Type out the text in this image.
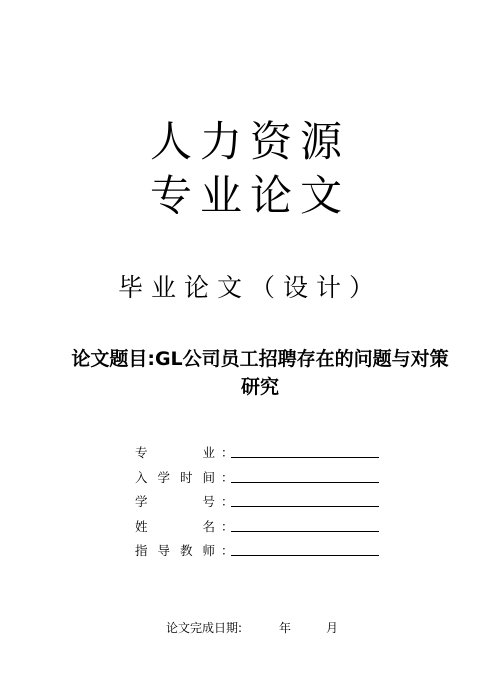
人力资源
专业论文
毕业论文（设计）
论文题目:GL公司员工招聘存在的问题与对策研究
专	业 ：
入 学 时 间 ：
学	号 ：
姓	名 ：
指 导 教 师 ：
论文完成日期:	年	月
